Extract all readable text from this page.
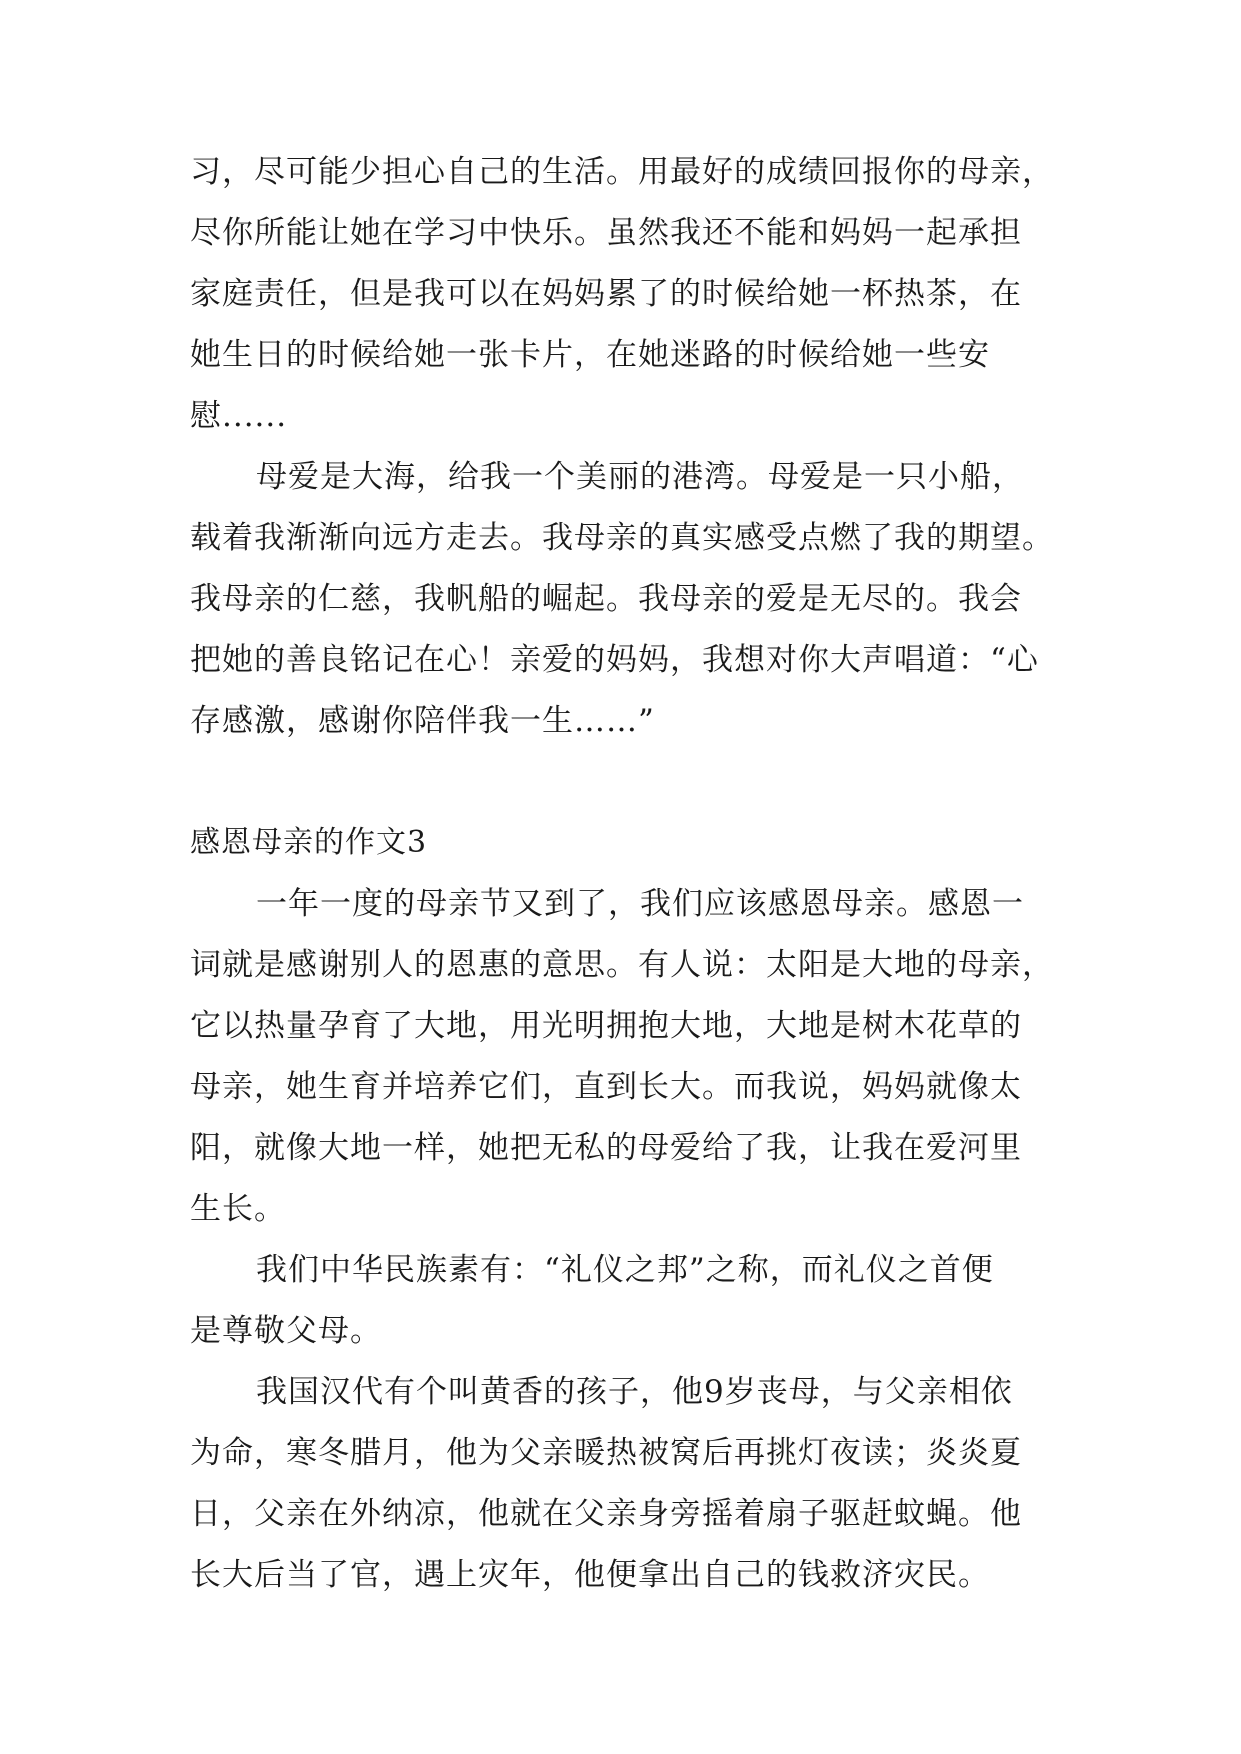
习，尽可能少担心自己的生活。用最好的成绩回报你的母亲，
尽你所能让她在学习中快乐。虽然我还不能和妈妈一起承担
家庭责任，但是我可以在妈妈累了的时候给她一杯热茶，在
她生日的时候给她一张卡片，在她迷路的时候给她一些安
慰......
母爱是大海，给我一个美丽的港湾。母爱是一只小船，
载着我渐渐向远方走去。我母亲的真实感受点燃了我的期望。
我母亲的仁慈，我帆船的崛起。我母亲的爱是无尽的。我会
把她的善良铭记在心！亲爱的妈妈，我想对你大声唱道：“心
存感激，感谢你陪伴我一生……”
感恩母亲的作文3
一年一度的母亲节又到了，我们应该感恩母亲。感恩一
词就是感谢别人的恩惠的意思。有人说：太阳是大地的母亲，
它以热量孕育了大地，用光明拥抱大地，大地是树木花草的
母亲，她生育并培养它们，直到长大。而我说，妈妈就像太
阳，就像大地一样，她把无私的母爱给了我，让我在爱河里
生长。
我们中华民族素有：“礼仪之邦”之称，而礼仪之首便
是尊敬父母。
我国汉代有个叫黄香的孩子，他9岁丧母，与父亲相依
为命，寒冬腊月，他为父亲暖热被窝后再挑灯夜读；炎炎夏
日，父亲在外纳凉，他就在父亲身旁摇着扇子驱赶蚊蝇。他
长大后当了官，遇上灾年，他便拿出自己的钱救济灾民。
